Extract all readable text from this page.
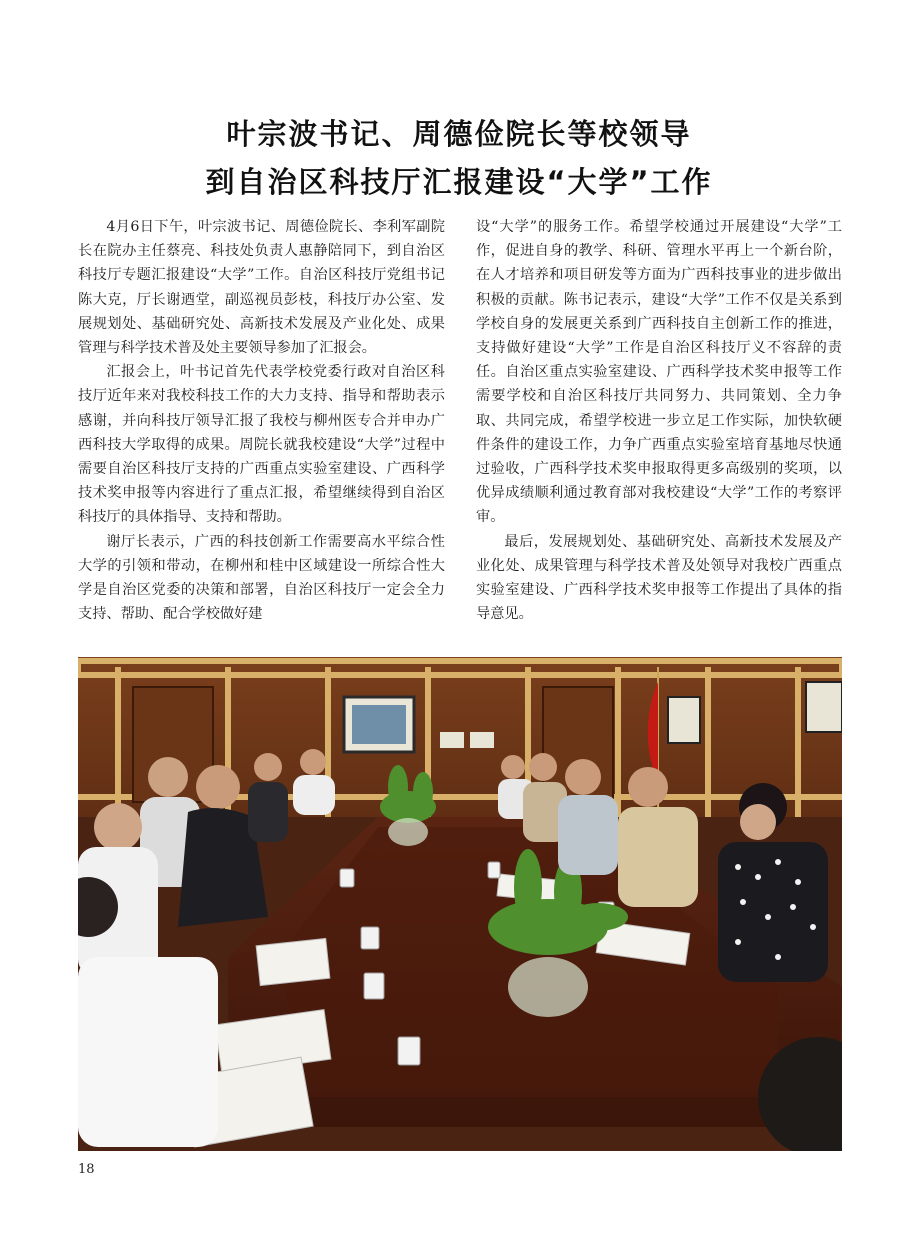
叶宗波书记、周德俭院长等校领导
到自治区科技厅汇报建设“大学”工作

4月6日下午，叶宗波书记、周德俭院长、李利军副院长在院办主任蔡亮、科技处负责人惠静陪同下，到自治区科技厅专题汇报建设“大学”工作。自治区科技厅党组书记陈大克，厅长谢迺堂，副巡视员彭枝，科技厅办公室、发展规划处、基础研究处、高新技术发展及产业化处、成果管理与科学技术普及处主要领导参加了汇报会。

汇报会上，叶书记首先代表学校党委行政对自治区科技厅近年来对我校科技工作的大力支持、指导和帮助表示感谢，并向科技厅领导汇报了我校与柳州医专合并申办广西科技大学取得的成果。周院长就我校建设“大学”过程中需要自治区科技厅支持的广西重点实验室建设、广西科学技术奖申报等内容进行了重点汇报，希望继续得到自治区科技厅的具体指导、支持和帮助。

谢厅长表示，广西的科技创新工作需要高水平综合性大学的引领和带动，在柳州和桂中区域建设一所综合性大学是自治区党委的决策和部署，自治区科技厅一定会全力支持、帮助、配合学校做好建

设“大学”的服务工作。希望学校通过开展建设“大学”工作，促进自身的教学、科研、管理水平再上一个新台阶，在人才培养和项目研发等方面为广西科技事业的进步做出积极的贡献。陈书记表示，建设“大学”工作不仅是关系到学校自身的发展更关系到广西科技自主创新工作的推进，支持做好建设“大学”工作是自治区科技厅义不容辞的责任。自治区重点实验室建设、广西科学技术奖申报等工作需要学校和自治区科技厅共同努力、共同策划、全力争取、共同完成，希望学校进一步立足工作实际，加快软硬件条件的建设工作，力争广西重点实验室培育基地尽快通过验收，广西科学技术奖申报取得更多高级别的奖项，以优异成绩顺利通过教育部对我校建设“大学”工作的考察评审。

最后，发展规划处、基础研究处、高新技术发展及产业化处、成果管理与科学技术普及处领导对我校广西重点实验室建设、广西科学技术奖申报等工作提出了具体的指导意见。

18
